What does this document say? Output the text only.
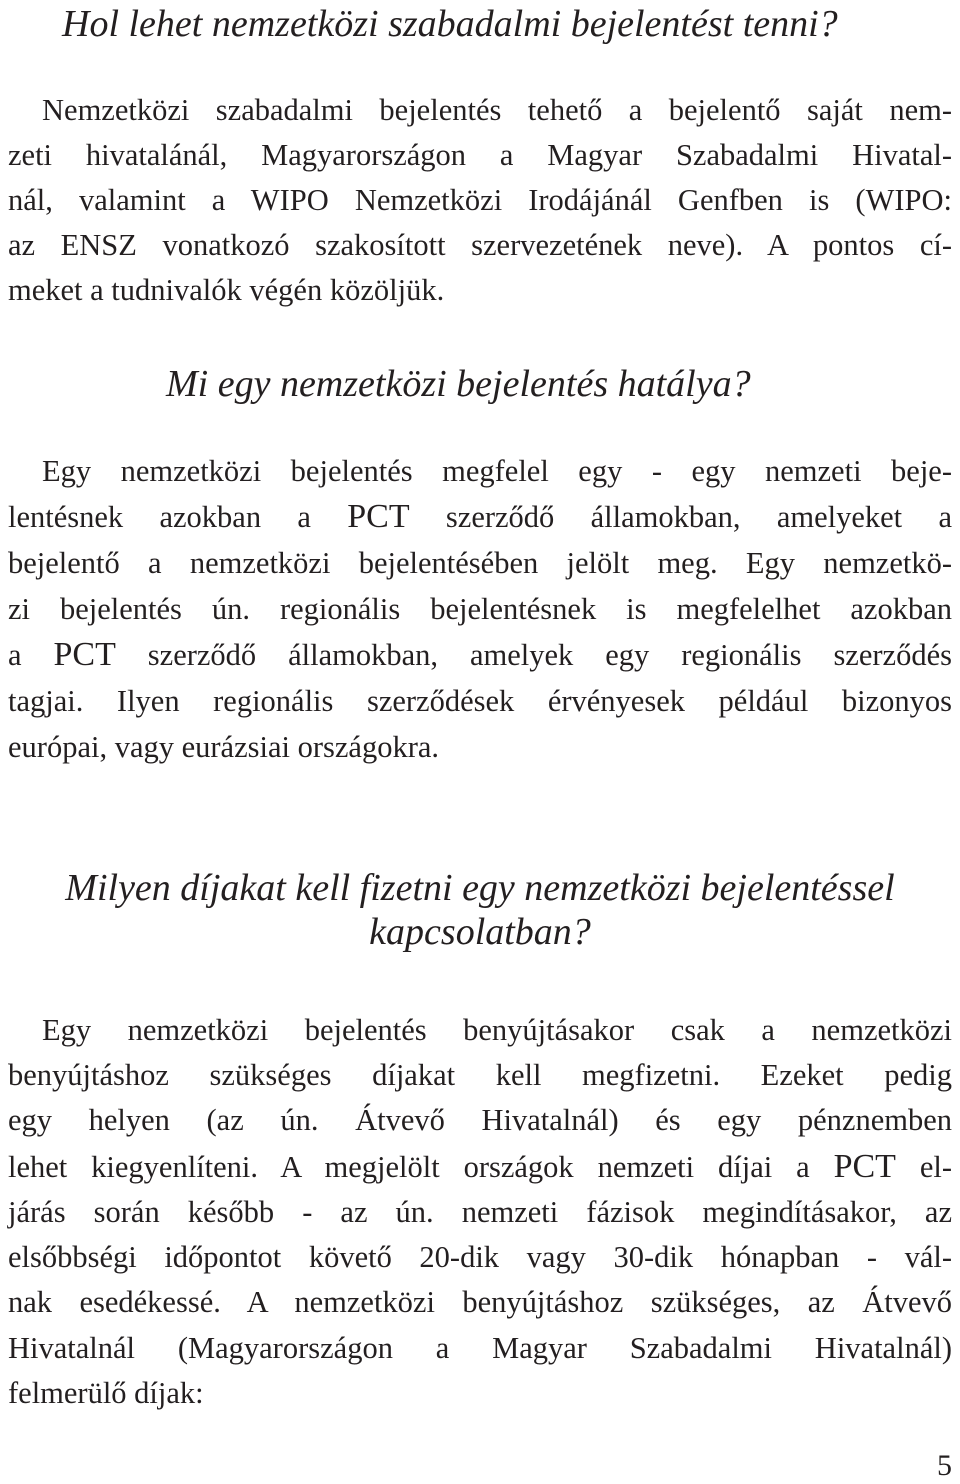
Hol lehet nemzetközi szabadalmi bejelentést tenni?
Nemzetközi szabadalmi bejelentés tehető a bejelentő saját nem-
zeti hivatalánál, Magyarországon a Magyar Szabadalmi Hivatal-
nál, valamint a WIPO Nemzetközi Irodájánál Genfben is (WIPO:
az ENSZ vonatkozó szakosított szervezetének neve). A pontos cí-
meket a tudnivalók végén közöljük.
Mi egy nemzetközi bejelentés hatálya?
Egy nemzetközi bejelentés megfelel egy - egy nemzeti beje-
lentésnek azokban a PCT szerződő államokban, amelyeket a
bejelentő a nemzetközi bejelentésében jelölt meg. Egy nemzetkö-
zi bejelentés ún. regionális bejelentésnek is megfelelhet azokban
a PCT szerződő államokban, amelyek egy regionális szerződés
tagjai. Ilyen regionális szerződések érvényesek például bizonyos
európai, vagy eurázsiai országokra.
Milyen díjakat kell fizetni egy nemzetközi bejelentéssel
kapcsolatban?
Egy nemzetközi bejelentés benyújtásakor csak a nemzetközi
benyújtáshoz szükséges díjakat kell megfizetni. Ezeket pedig
egy helyen (az ún. Átvevő Hivatalnál) és egy pénznemben
lehet kiegyenlíteni. A megjelölt országok nemzeti díjai a PCT el-
járás során később - az ún. nemzeti fázisok megindításakor, az
elsőbbségi időpontot követő 20-dik vagy 30-dik hónapban - vál-
nak esedékessé. A nemzetközi benyújtáshoz szükséges, az Átvevő
Hivatalnál (Magyarországon a Magyar Szabadalmi Hivatalnál)
felmerülő díjak:
5
